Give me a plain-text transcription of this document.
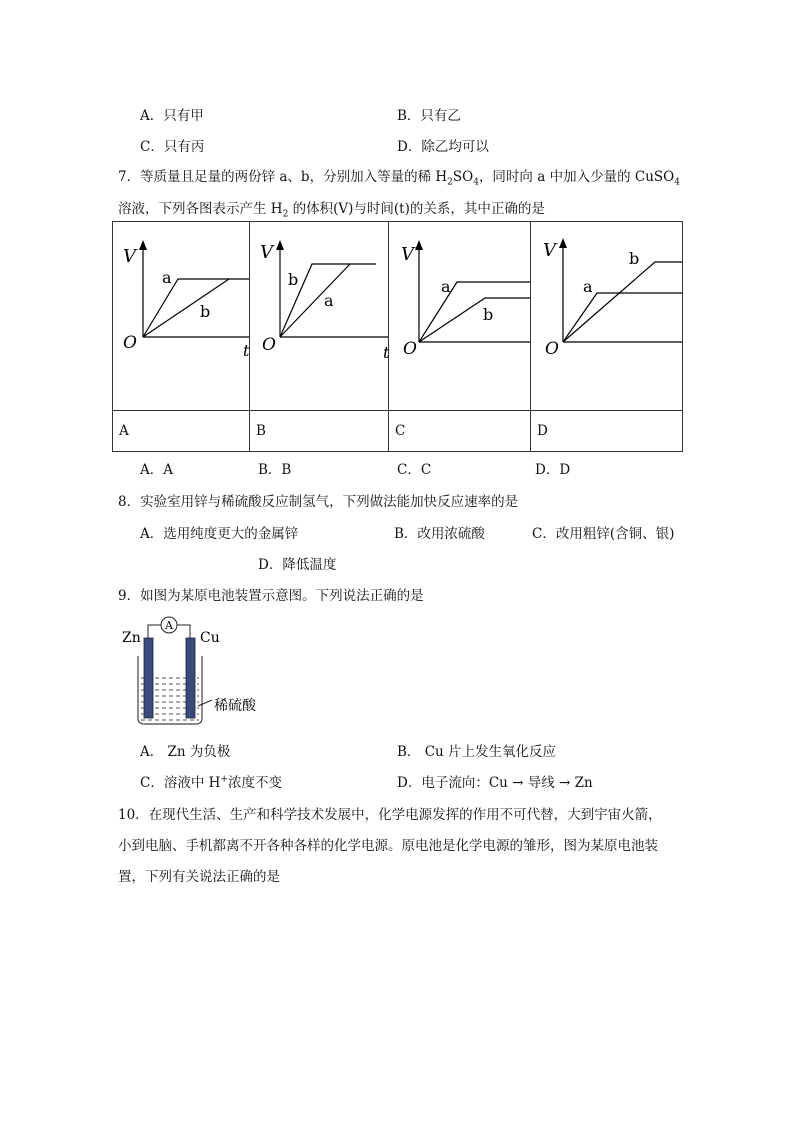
A．只有甲	B．只有乙
C．只有丙	D．除乙均可以
7．等质量且足量的两份锌 a、b，分别加入等量的稀 $H_2SO_4$，同时向 a 中加入少量的 CuSO$_4$
溶液，下列各图表示产生 $H_2$ 的体积(V)与时间(t)的关系，其中正确的是
V
O t
a
b	V
O t
b
a	V
O
a
b	V
O
a
b

A	B	C	D
A．A	B．B	C．C	D．D
8．实验室用锌与稀硫酸反应制氢气，下列做法能加快反应速率的是
A．选用纯度更大的金属锌	B．改用浓硫酸	C．改用粗锌(含铜、银)
D．降低温度
9．如图为某原电池装置示意图。下列说法正确的是
A
Zn	Cu
稀硫酸
A． Zn 为负极	B． Cu 片上发生氧化反应
C．溶液中 H+浓度不变	D．电子流向：Cu → 导线 → Zn
10．在现代生活、生产和科学技术发展中，化学电源发挥的作用不可代替，大到宇宙火箭，
小到电脑、手机都离不开各种各样的化学电源。原电池是化学电源的雏形，图为某原电池装
置，下列有关说法正确的是
